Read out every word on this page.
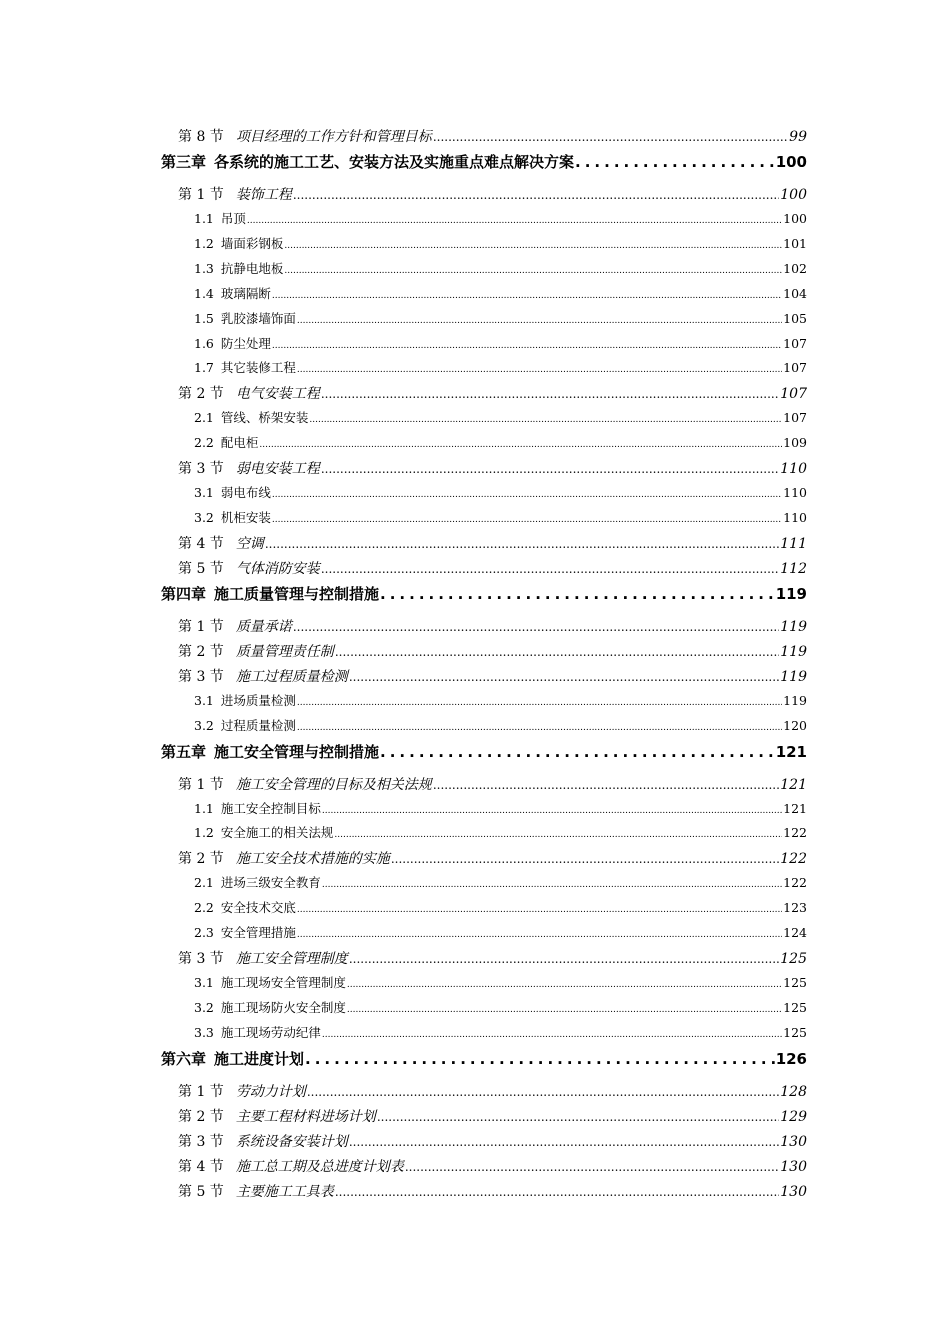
第 8 节 项目经理的工作方针和管理目标 .....	99
第三章 各系统的施工工艺、安装方法及实施重点难点解决方案 .....	100
第 1 节 装饰工程 .....	100
1.1 吊顶 .....	100
1.2 墙面彩钢板 .....	101
1.3 抗静电地板 .....	102
1.4 玻璃隔断 .....	104
1.5 乳胶漆墙饰面 .....	105
1.6 防尘处理 .....	107
1.7 其它装修工程 .....	107
第 2 节 电气安装工程 .....	107
2.1 管线、桥架安装 .....	107
2.2 配电柜 .....	109
第 3 节 弱电安装工程 .....	110
3.1 弱电布线 .....	110
3.2 机柜安装 .....	110
第 4 节 空调 .....	111
第 5 节 气体消防安装 .....	112
第四章 施工质量管理与控制措施 .....	119
第 1 节 质量承诺 .....	119
第 2 节 质量管理责任制 .....	119
第 3 节 施工过程质量检测 .....	119
3.1 进场质量检测 .....	119
3.2 过程质量检测 .....	120
第五章 施工安全管理与控制措施 .....	121
第 1 节 施工安全管理的目标及相关法规 .....	121
1.1 施工安全控制目标 .....	121
1.2 安全施工的相关法规 .....	122
第 2 节 施工安全技术措施的实施 .....	122
2.1 进场三级安全教育 .....	122
2.2 安全技术交底 .....	123
2.3 安全管理措施 .....	124
第 3 节 施工安全管理制度 .....	125
3.1 施工现场安全管理制度 .....	125
3.2 施工现场防火安全制度 .....	125
3.3 施工现场劳动纪律 .....	125
第六章 施工进度计划 .....	126
第 1 节 劳动力计划 .....	128
第 2 节 主要工程材料进场计划 .....	129
第 3 节 系统设备安装计划 .....	130
第 4 节 施工总工期及总进度计划表 .....	130
第 5 节 主要施工工具表 .....	130
